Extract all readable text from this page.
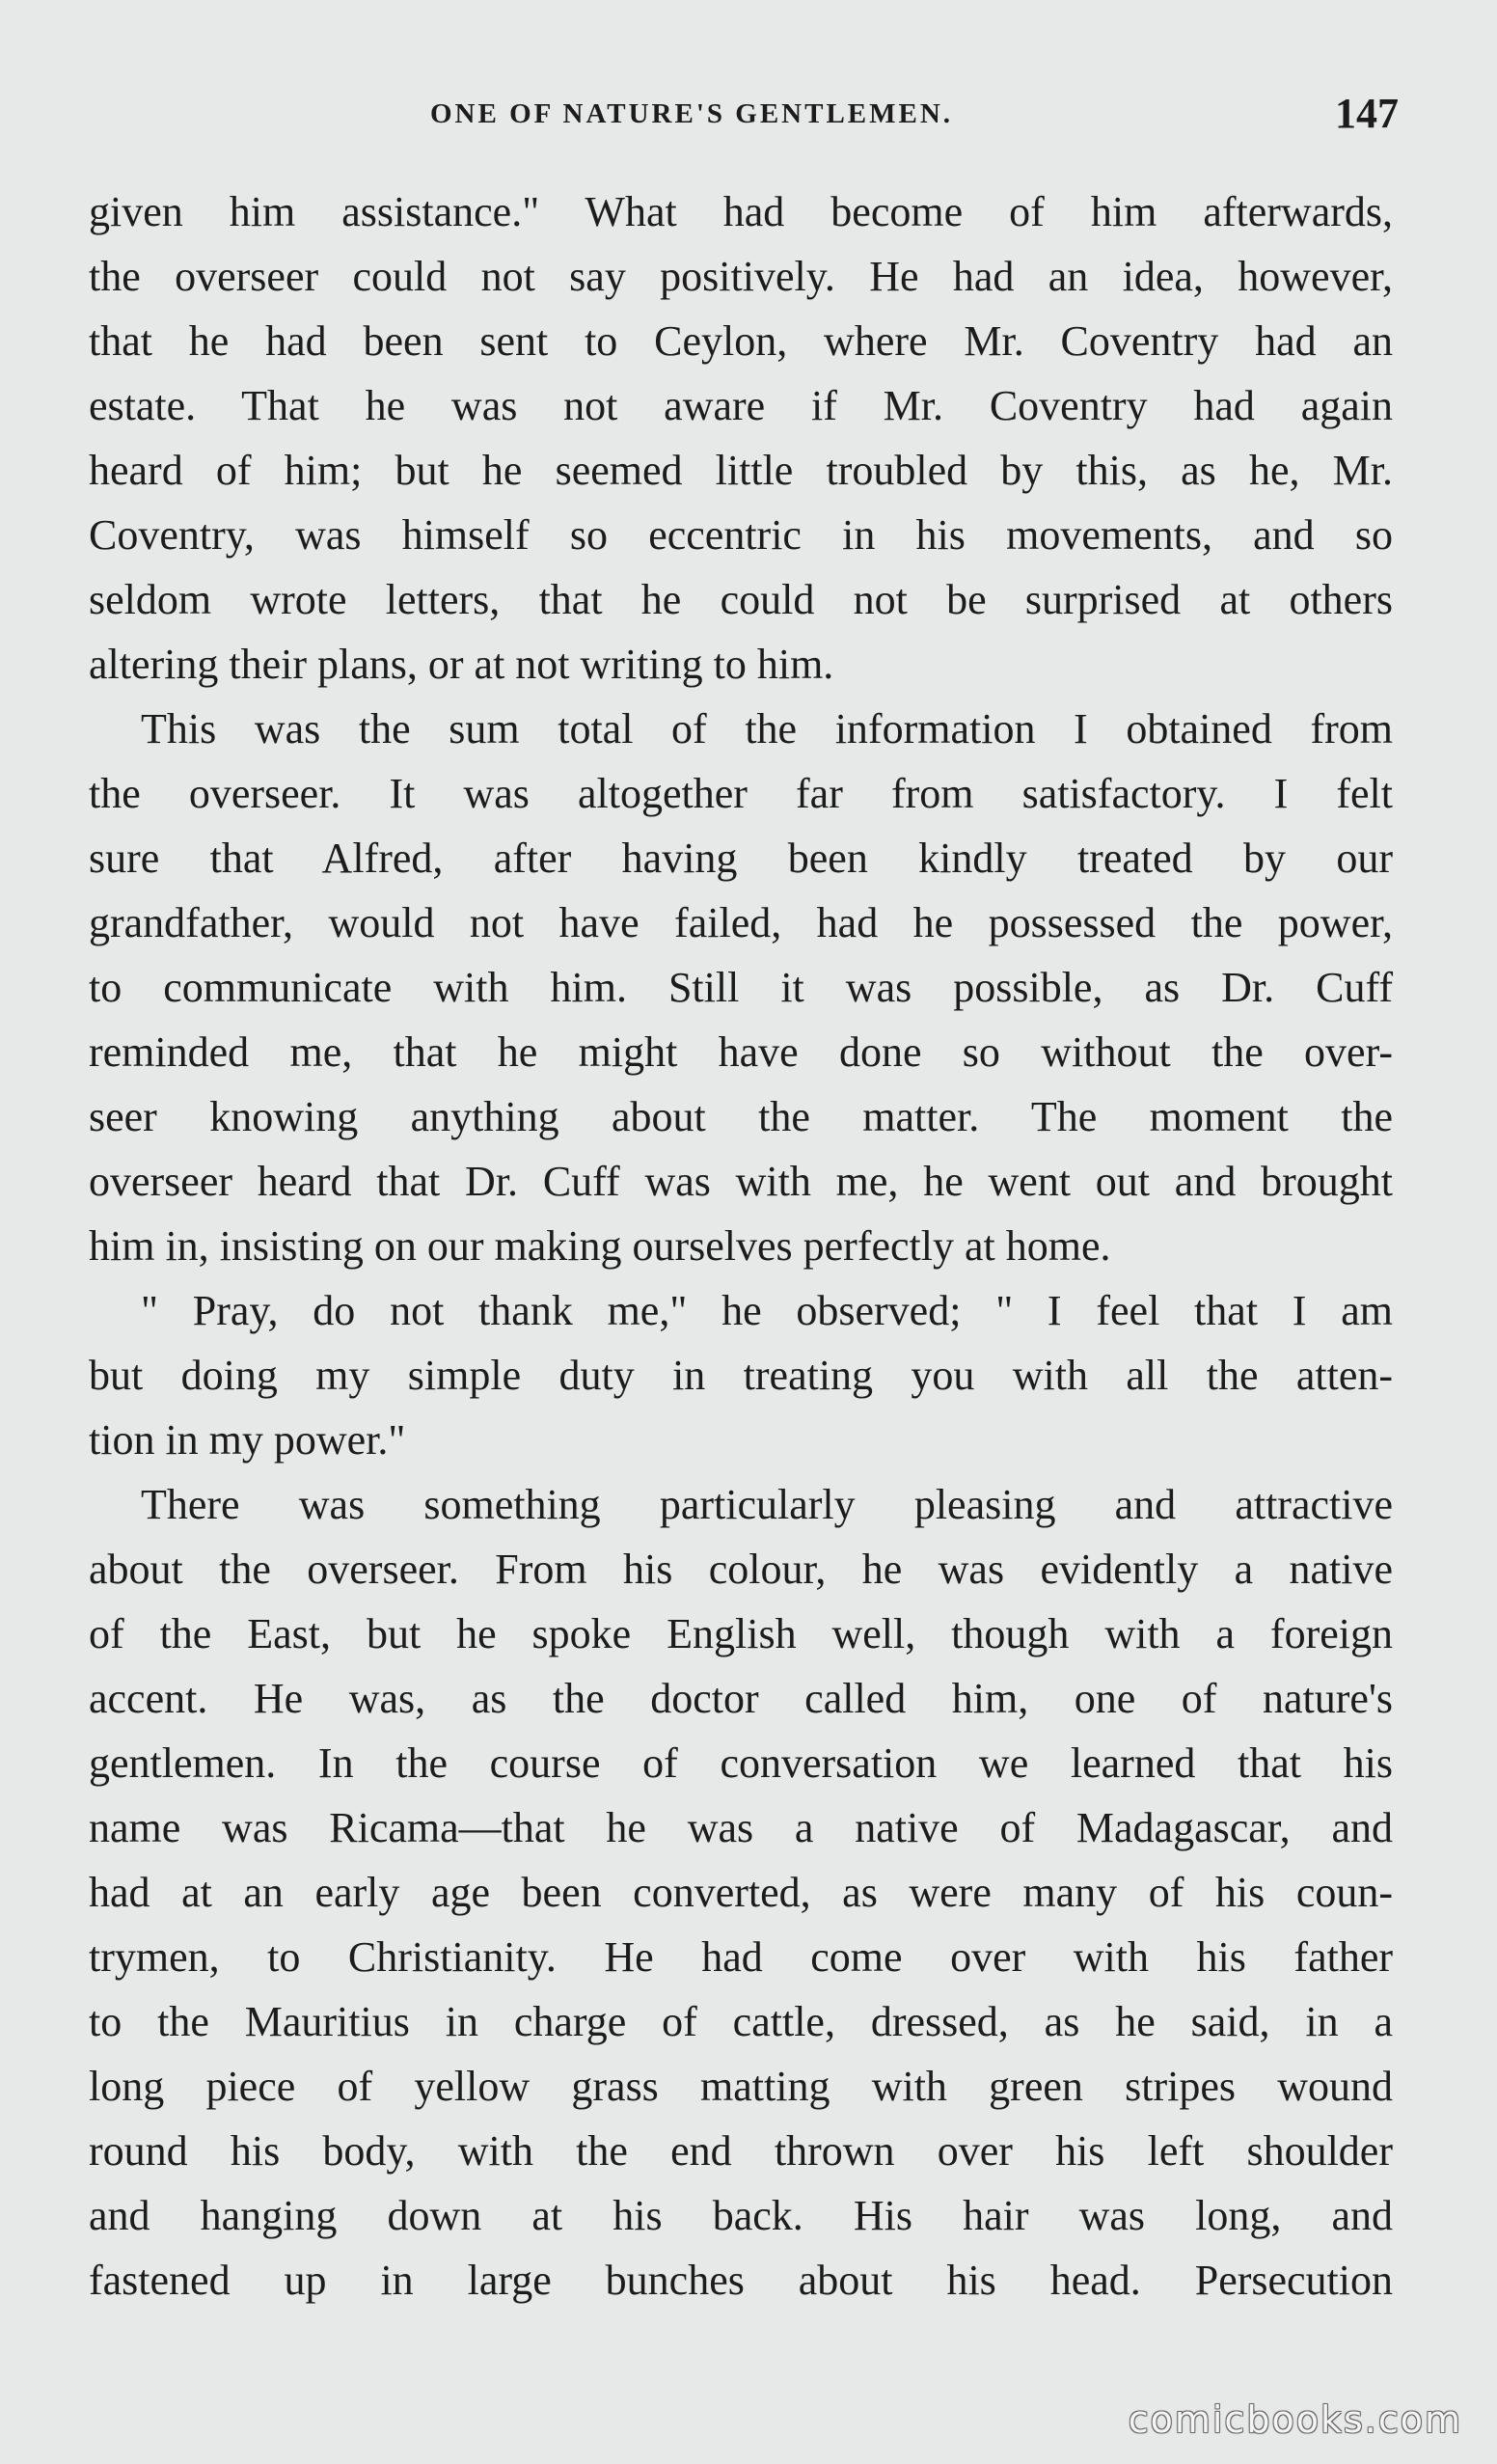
ONE OF NATURE'S GENTLEMEN.	147
given him assistance." What had become of him afterwards,
the overseer could not say positively. He had an idea, however,
that he had been sent to Ceylon, where Mr. Coventry had an
estate. That he was not aware if Mr. Coventry had again
heard of him; but he seemed little troubled by this, as he, Mr.
Coventry, was himself so eccentric in his movements, and so
seldom wrote letters, that he could not be surprised at others
altering their plans, or at not writing to him.
This was the sum total of the information I obtained from
the overseer. It was altogether far from satisfactory. I felt
sure that Alfred, after having been kindly treated by our
grandfather, would not have failed, had he possessed the power,
to communicate with him. Still it was possible, as Dr. Cuff
reminded me, that he might have done so without the over-
seer knowing anything about the matter. The moment the
overseer heard that Dr. Cuff was with me, he went out and brought
him in, insisting on our making ourselves perfectly at home.
" Pray, do not thank me," he observed; " I feel that I am
but doing my simple duty in treating you with all the atten-
tion in my power."
There was something particularly pleasing and attractive
about the overseer. From his colour, he was evidently a native
of the East, but he spoke English well, though with a foreign
accent. He was, as the doctor called him, one of nature's
gentlemen. In the course of conversation we learned that his
name was Ricama—that he was a native of Madagascar, and
had at an early age been converted, as were many of his coun-
trymen, to Christianity. He had come over with his father
to the Mauritius in charge of cattle, dressed, as he said, in a
long piece of yellow grass matting with green stripes wound
round his body, with the end thrown over his left shoulder
and hanging down at his back. His hair was long, and
fastened up in large bunches about his head. Persecution
comicbooks.com
